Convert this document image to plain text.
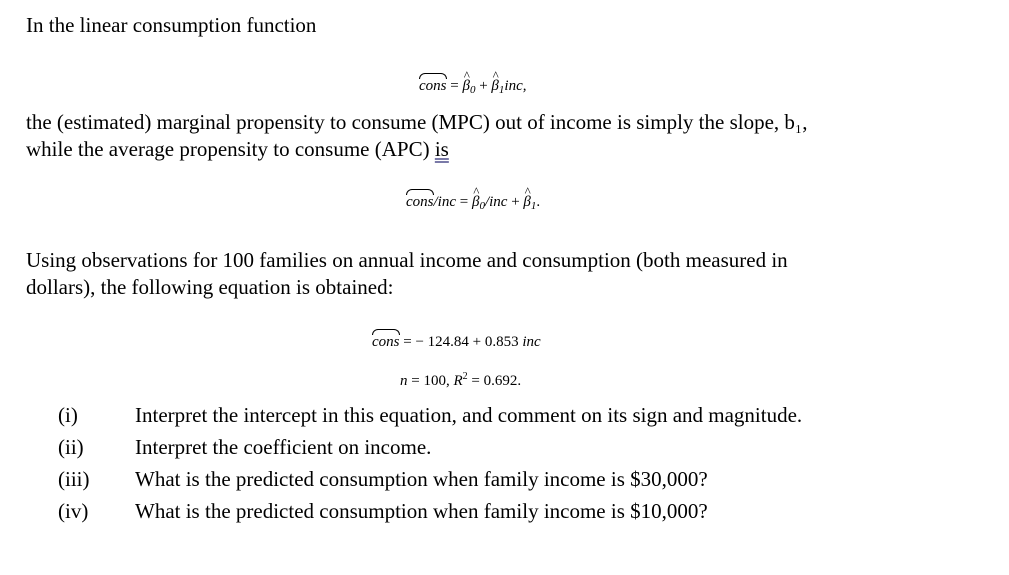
In the linear consumption function
cons = ^ $\beta_0$ + ^ $\beta_1inc$,
the (estimated) marginal propensity to consume (MPC) out of income is simply the slope, b₁,
while the average propensity to consume (APC) is
cons/inc = ^ $\beta_0$/inc + ^ $\beta_1$.
Using observations for 100 families on annual income and consumption (both measured in
dollars), the following equation is obtained:
cons = − 124.84 + 0.853 inc
n = 100, $R^2 = 0.692$.
(i)	Interpret the intercept in this equation, and comment on its sign and magnitude.
(ii)	Interpret the coefficient on income.
(iii)	What is the predicted consumption when family income is $30,000?
(iv)	What is the predicted consumption when family income is $10,000?
